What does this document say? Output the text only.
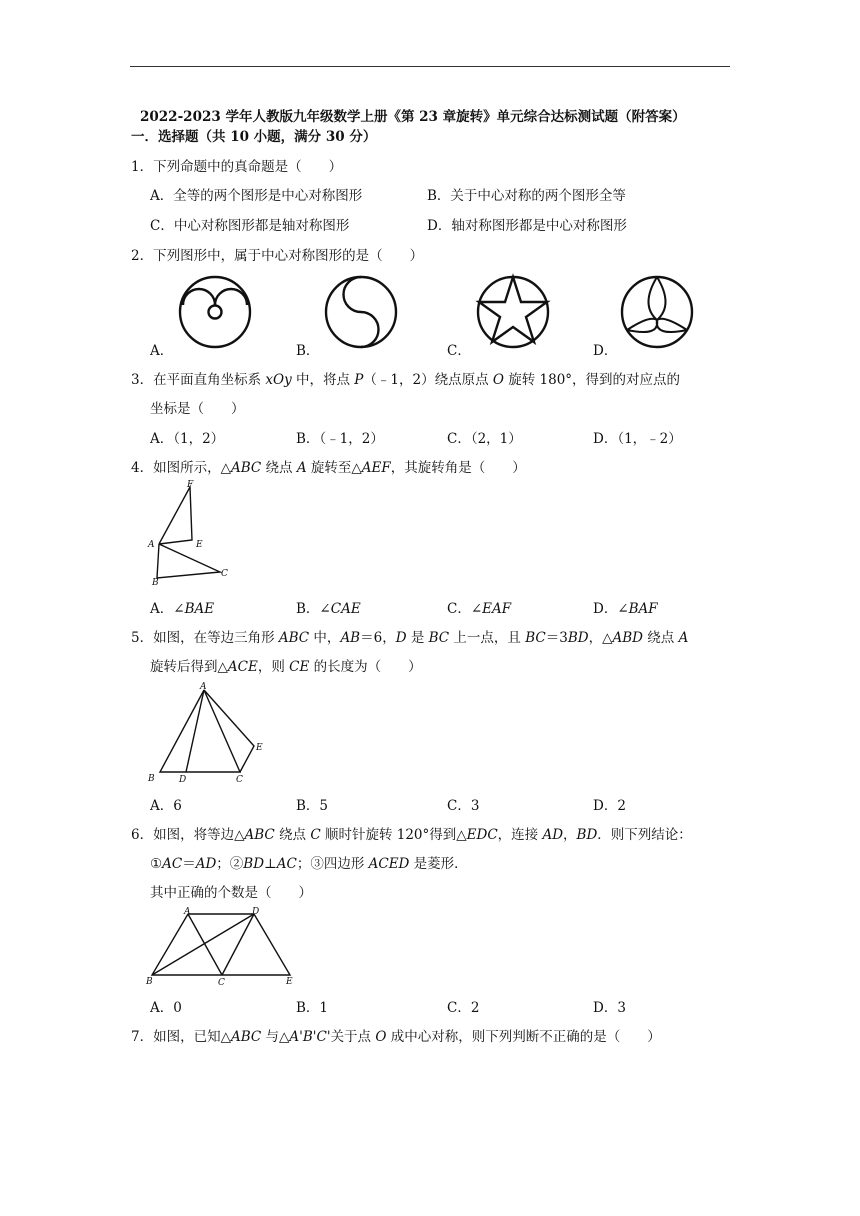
2022-2023 学年人教版九年级数学上册《第 23 章旋转》单元综合达标测试题（附答案）
一．选择题（共 10 小题，满分 30 分）
1．下列命题中的真命题是（　　）
A．全等的两个图形是中心对称图形	B．关于中心对称的两个图形全等
C．中心对称图形都是轴对称图形	D．轴对称图形都是中心对称图形
2．下列图形中，属于中心对称图形的是（　　）
A．	B．	C．	D．
3．在平面直角坐标系 xOy 中，将点 P（﹣1，2）绕点原点 O 旋转 180°，得到的对应点的
坐标是（　　）
A．（1，2）	B．（﹣1，2）	C．（2，1）	D．（1，﹣2）
4．如图所示，△ABC 绕点 A 旋转至△AEF，其旋转角是（　　）
F
A	E
B
C
A．∠BAE	B．∠CAE	C．∠EAF	D．∠BAF
5．如图，在等边三角形 ABC 中，AB＝6，D 是 BC 上一点，且 BC＝3BD，△ABD 绕点 A
旋转后得到△ACE，则 CE 的长度为（　　）
A
E
B	D	C
A．6	B．5	C．3	D．2
6．如图，将等边△ABC 绕点 C 顺时针旋转 120°得到△EDC，连接 AD，BD．则下列结论：
①AC＝AD；②BD⊥AC；③四边形 ACED 是菱形．
其中正确的个数是（　　）
A	D
B	C	E
A．0	B．1	C．2	D．3
7．如图，已知△ABC 与△A'B'C'关于点 O 成中心对称，则下列判断不正确的是（　　）
